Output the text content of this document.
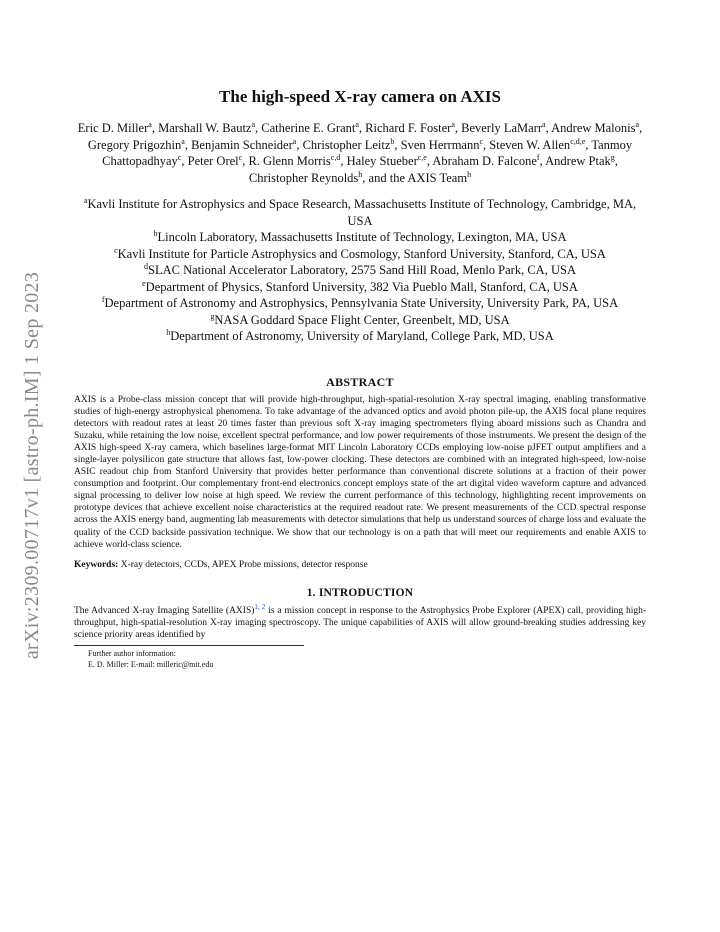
arXiv:2309.00717v1 [astro-ph.IM] 1 Sep 2023
The high-speed X-ray camera on AXIS
Eric D. Miller$^a$, Marshall W. Bautz$^a$, Catherine E. Grant$^a$, Richard F. Foster$^a$, Beverly LaMarr$^a$, Andrew Malonis$^a$, Gregory Prigozhin$^a$, Benjamin Schneider$^a$, Christopher Leitz$^b$, Sven Herrmann$^c$, Steven W. Allen$^{c,d,e}$, Tanmoy Chattopadhyay$^c$, Peter Orel$^c$, R. Glenn Morris$^{c,d}$, Haley Stueber$^{c,e}$, Abraham D. Falcone$^f$, Andrew Ptak$^g$, Christopher Reynolds$^h$, and the AXIS Team$^h$
$^a$Kavli Institute for Astrophysics and Space Research, Massachusetts Institute of Technology, Cambridge, MA, USA
$^b$Lincoln Laboratory, Massachusetts Institute of Technology, Lexington, MA, USA
$^c$Kavli Institute for Particle Astrophysics and Cosmology, Stanford University, Stanford, CA, USA
$^d$SLAC National Accelerator Laboratory, 2575 Sand Hill Road, Menlo Park, CA, USA
$^e$Department of Physics, Stanford University, 382 Via Pueblo Mall, Stanford, CA, USA
$^f$Department of Astronomy and Astrophysics, Pennsylvania State University, University Park, PA, USA
$^g$NASA Goddard Space Flight Center, Greenbelt, MD, USA
$^h$Department of Astronomy, University of Maryland, College Park, MD, USA
ABSTRACT
AXIS is a Probe-class mission concept that will provide high-throughput, high-spatial-resolution X-ray spectral imaging, enabling transformative studies of high-energy astrophysical phenomena. To take advantage of the advanced optics and avoid photon pile-up, the AXIS focal plane requires detectors with readout rates at least 20 times faster than previous soft X-ray imaging spectrometers flying aboard missions such as Chandra and Suzaku, while retaining the low noise, excellent spectral performance, and low power requirements of those instruments. We present the design of the AXIS high-speed X-ray camera, which baselines large-format MIT Lincoln Laboratory CCDs employing low-noise pJFET output amplifiers and a single-layer polysilicon gate structure that allows fast, low-power clocking. These detectors are combined with an integrated high-speed, low-noise ASIC readout chip from Stanford University that provides better performance than conventional discrete solutions at a fraction of their power consumption and footprint. Our complementary front-end electronics concept employs state of the art digital video waveform capture and advanced signal processing to deliver low noise at high speed. We review the current performance of this technology, highlighting recent improvements on prototype devices that achieve excellent noise characteristics at the required readout rate. We present measurements of the CCD spectral response across the AXIS energy band, augmenting lab measurements with detector simulations that help us understand sources of charge loss and evaluate the quality of the CCD backside passivation technique. We show that our technology is on a path that will meet our requirements and enable AXIS to achieve world-class science.
Keywords: X-ray detectors, CCDs, APEX Probe missions, detector response
1. INTRODUCTION
The Advanced X-ray Imaging Satellite (AXIS)$^{1, 2}$ is a mission concept in response to the Astrophysics Probe Explorer (APEX) call, providing high-throughput, high-spatial-resolution X-ray imaging spectroscopy. The unique capabilities of AXIS will allow ground-breaking studies addressing key science priority areas identified by
Further author information:
E. D. Miller: E-mail: milleric@mit.edu
